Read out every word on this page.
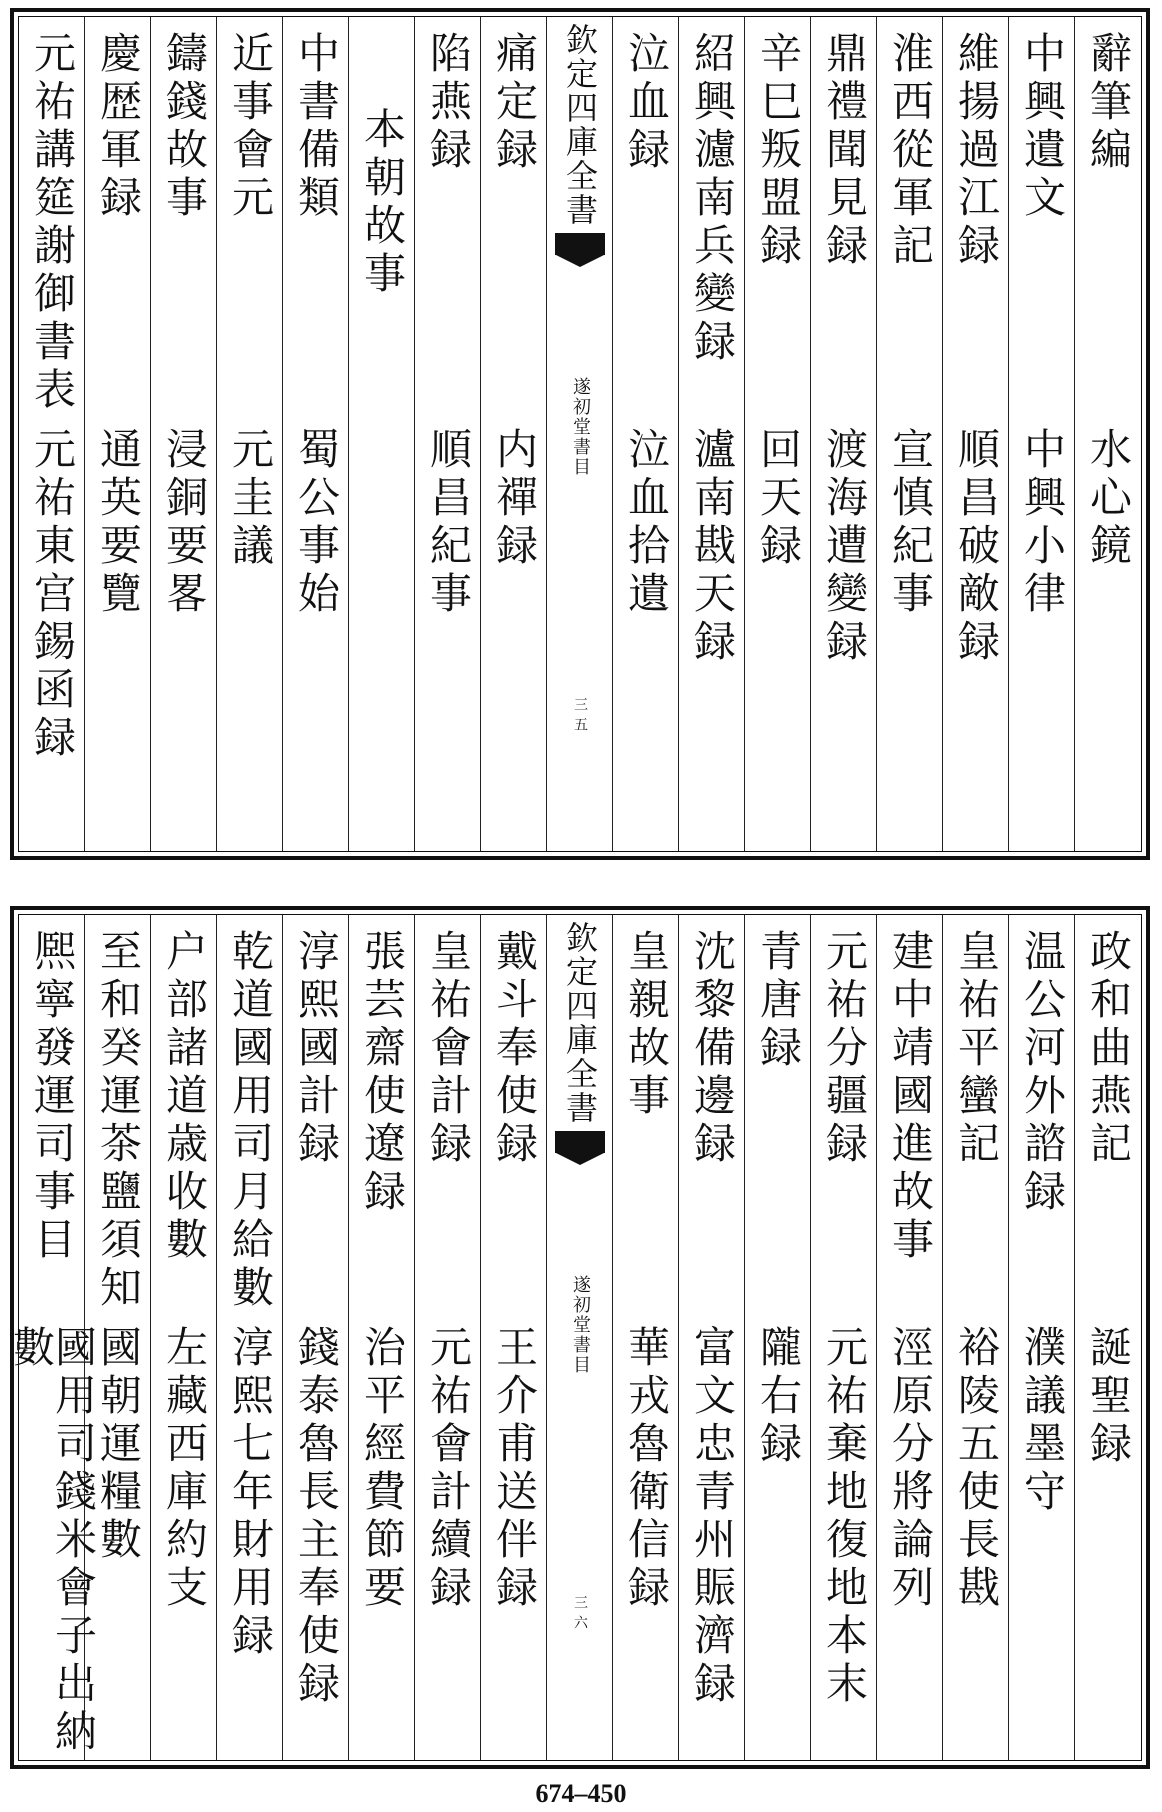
辭筆編
水心鏡
中興遺文
中興小律
維揚過江録
順昌破敵録
淮西從軍記
宣慎紀事
鼎禮聞見録
渡海遭變録
辛巳叛盟録
回天録
紹興濾南兵變録
瀘南戡天録
泣血録
泣血拾遺
欽定四庫全書
遂初堂書目
三五
痛定録
内禪録
陷燕録
順昌紀事
本朝故事
中書備類
蜀公事始
近事會元
元圭議
鑄錢故事
浸銅要畧
慶歴軍録
通英要覽
元祐講筵謝御書表
元祐東宫錫函録
政和曲燕記
誕聖録
温公河外諮録
濮議墨守
皇祐平蠻記
裕陵五使長戡
建中靖國進故事
涇原分將論列
元祐分疆録
元祐棄地復地本末
青唐録
隴右録
沈黎備邊録
富文忠青州賑濟録
皇親故事
華戎魯衛信録
欽定四庫全書
遂初堂書目
三六
戴斗奉使録
王介甫送伴録
皇祐會計録
元祐會計續録
張芸齋使遼録
治平經費節要
淳熙國計録
錢泰魯長主奉使録
乾道國用司月給數
淳熙七年財用録
户部諸道歳收數
左藏西庫約支
至和癸運茶鹽須知
國朝運糧數
熈寧發運司事目
國用司錢米會子出納數
674–450
